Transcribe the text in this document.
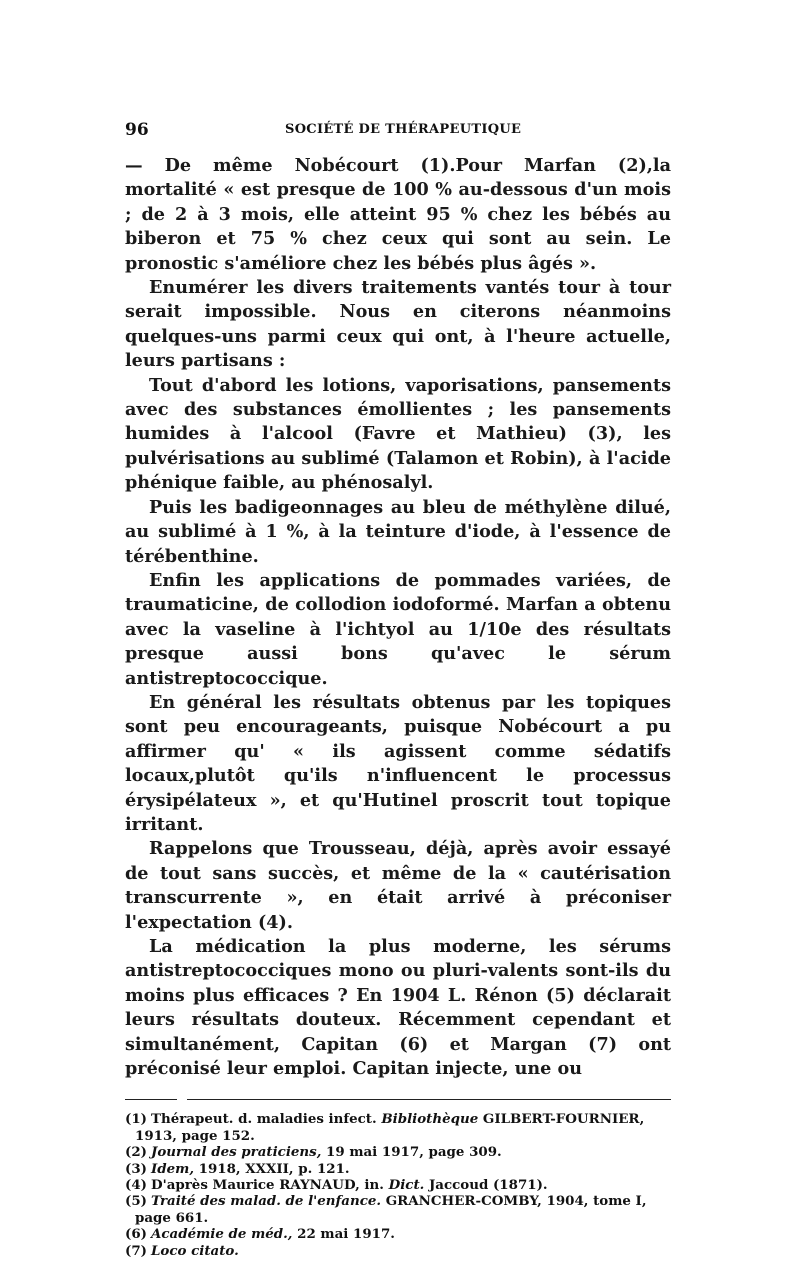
96	SOCIÉTÉ DE THÉRAPEUTIQUE

— De même Nobécourt (1).Pour Marfan (2),la mortalité « est presque de 100 % au-dessous d'un mois ; de 2 à 3 mois, elle atteint 95 % chez les bébés au biberon et 75 % chez ceux qui sont au sein. Le pronostic s'améliore chez les bébés plus âgés ».

Enumérer les divers traitements vantés tour à tour serait impossible. Nous en citerons néanmoins quelques-uns parmi ceux qui ont, à l'heure actuelle, leurs partisans :

Tout d'abord les lotions, vaporisations, pansements avec des substances émollientes ; les pansements humides à l'alcool (Favre et Mathieu) (3), les pulvérisations au sublimé (Talamon et Robin), à l'acide phénique faible, au phénosalyl.

Puis les badigeonnages au bleu de méthylène dilué, au sublimé à 1 %, à la teinture d'iode, à l'essence de térébenthine.

Enfin les applications de pommades variées, de traumaticine, de collodion iodoformé. Marfan a obtenu avec la vaseline à l'ichtyol au 1/10e des résultats presque aussi bons qu'avec le sérum antistreptococcique.

En général les résultats obtenus par les topiques sont peu encourageants, puisque Nobécourt a pu affirmer qu' « ils agissent comme sédatifs locaux,plutôt qu'ils n'influencent le processus érysipélateux », et qu'Hutinel proscrit tout topique irritant.

Rappelons que Trousseau, déjà, après avoir essayé de tout sans succès, et même de la « cautérisation transcurrente », en était arrivé à préconiser l'expectation (4).

La médication la plus moderne, les sérums antistreptococciques mono ou pluri-valents sont-ils du moins plus efficaces ? En 1904 L. Rénon (5) déclarait leurs résultats douteux. Récemment cependant et simultanément, Capitan (6) et Margan (7) ont préconisé leur emploi. Capitan injecte, une ou

(1) Thérapeut. d. maladies infect. Bibliothèque GILBERT-FOURNIER, 1913, page 152.

(2) Journal des praticiens, 19 mai 1917, page 309.

(3) Idem, 1918, XXXII, p. 121.

(4) D'après Maurice RAYNAUD, in. Dict. Jaccoud (1871).

(5) Traité des malad. de l'enfance. GRANCHER-COMBY, 1904, tome I, page 661.

(6) Académie de méd., 22 mai 1917.

(7) Loco citato.
